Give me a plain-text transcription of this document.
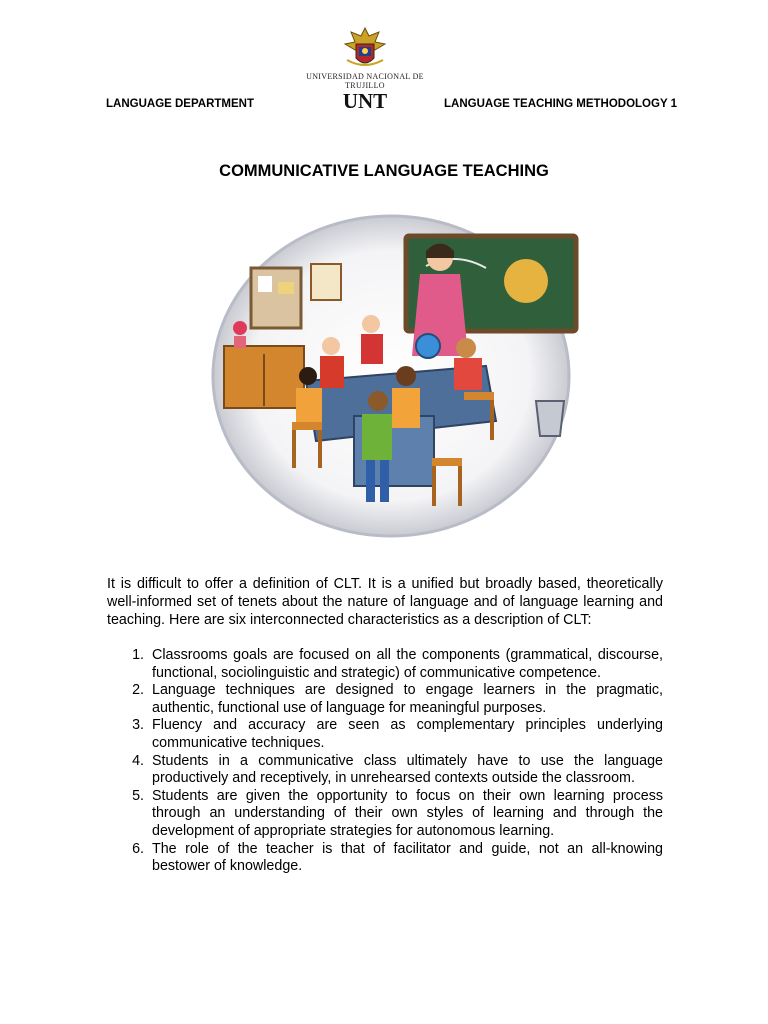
UNIVERSIDAD NACIONAL DE TRUJILLO
UNT
LANGUAGE DEPARTMENT	LANGUAGE TEACHING METHODOLOGY 1
COMMUNICATIVE LANGUAGE TEACHING
It is difficult to offer a definition of CLT. It is a unified but broadly based, theoretically well-informed set of tenets about the nature of language and of language learning and teaching. Here are six interconnected characteristics as a description of CLT:
1. Classrooms goals are focused on all the components (grammatical, discourse, functional, sociolinguistic and strategic) of communicative competence.
2. Language techniques are designed to engage learners in the pragmatic, authentic, functional use of language for meaningful purposes.
3. Fluency and accuracy are seen as complementary principles underlying communicative techniques.
4. Students in a communicative class ultimately have to use the language productively and receptively, in unrehearsed contexts outside the classroom.
5. Students are given the opportunity to focus on their own learning process through an understanding of their own styles of learning and through the development of appropriate strategies for autonomous learning.
6. The role of the teacher is that of facilitator and guide, not an all-knowing bestower of knowledge.
